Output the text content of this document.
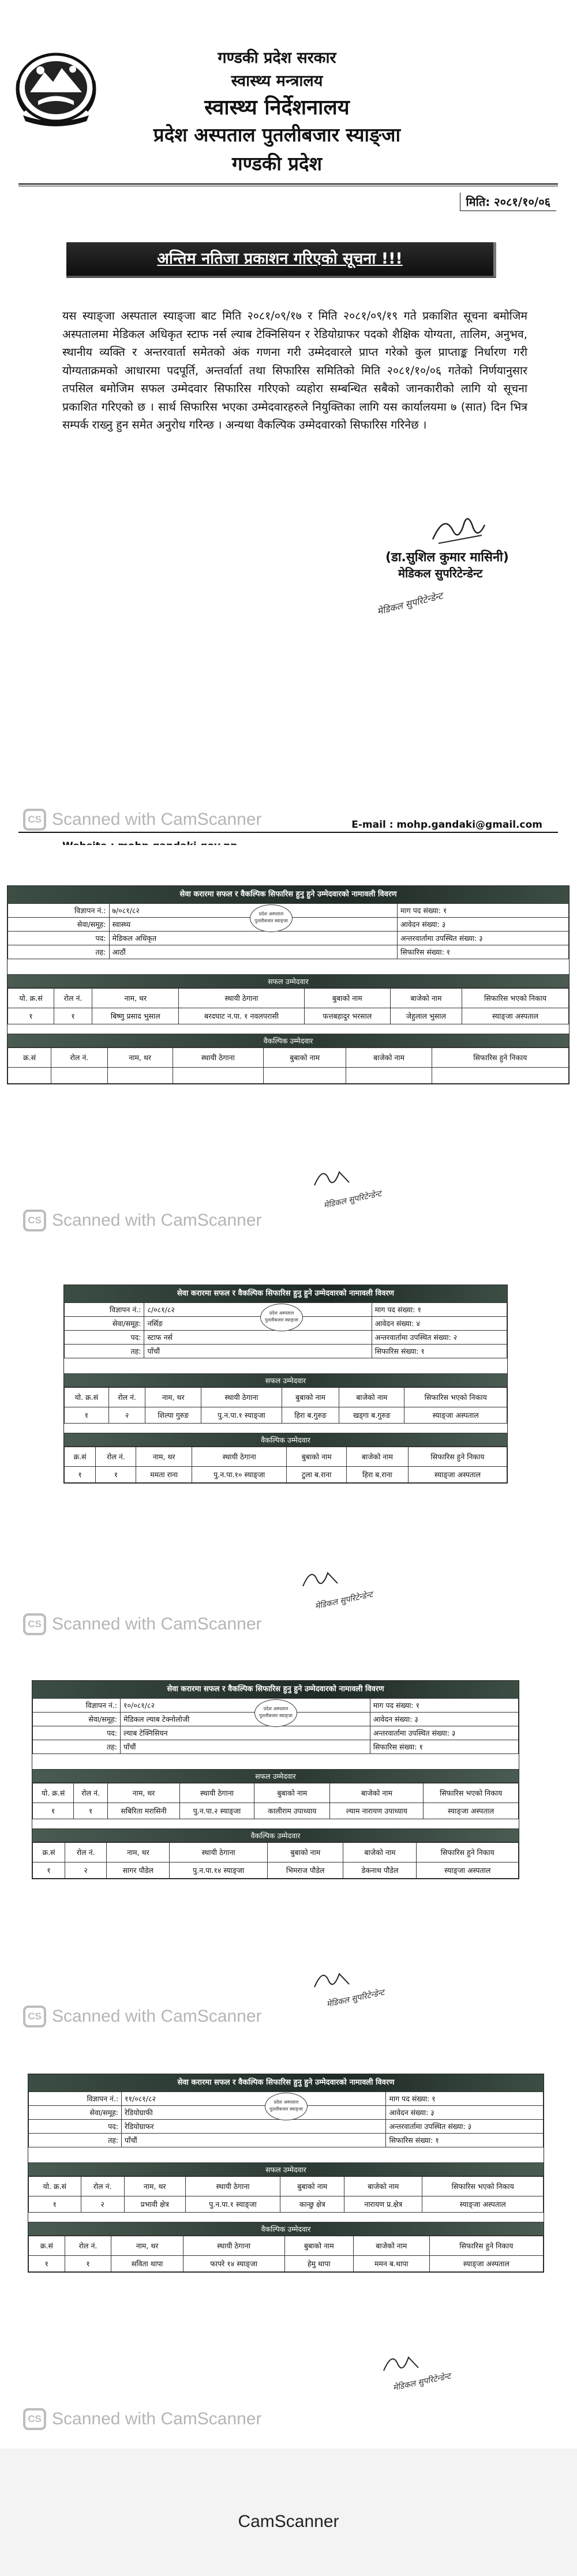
गण्डकी प्रदेश सरकार
स्वास्थ्य मन्त्रालय
स्वास्थ्य निर्देशनालय
प्रदेश अस्पताल पुतलीबजार स्याङ्जा
गण्डकी प्रदेश
मिति: २०८१/१०/०६
अन्तिम नतिजा प्रकाशन गरिएको सूचना !!!
यस स्याङ्जा अस्पताल स्याङ्जा बाट मिति २०८१/०९/१७ र मिति २०८१/०९/१९ गते प्रकाशित सूचना बमोजिम अस्पतालमा मेडिकल अधिकृत स्टाफ नर्स ल्याब टेक्निसियन र रेडियोग्राफर पदको शैक्षिक योग्यता, तालिम, अनुभव, स्थानीय व्यक्ति र अन्तरवार्ता समेतको अंक गणना गरी उम्मेदवारले प्राप्त गरेको कुल प्राप्ताङ्क निर्धारण गरी योग्यताक्रमको आधारमा पदपूर्ति, अन्तर्वार्ता तथा सिफारिस समितिको मिति २०८१/१०/०६ गतेको निर्णयानुसार तपसिल बमोजिम सफल उम्मेदवार सिफारिस गरिएको व्यहोरा सम्बन्धित सबैको जानकारीको लागि यो सूचना प्रकाशित गरिएको छ । सार्थ सिफारिस भएका उम्मेदवारहरुले नियुक्तिका लागि यस कार्यालयमा ७ (सात) दिन भित्र सम्पर्क राख्नु हुन समेत अनुरोध गरिन्छ । अन्यथा वैकल्पिक उम्मेदवारको सिफारिस गरिनेछ ।
(डा.सुशिल कुमार मासिनी)
मेडिकल सुपरिटेन्डेन्ट
मेडिकल सुपरिटेन्डेन्ट
CS Scanned with CamScanner	E-mail : mohp.gandaki@gmail.com
सेवा करारमा सफल र वैकल्पिक सिफारिस हुनु हुने उम्मेदवारको नामावली विवरण
प्रदेश अस्पताल पुतलीबजार स्याङ्जा
विज्ञापन नं.:	७/०८१/८२	माग पद संख्या: १
सेवा/समूह:	स्वास्थ्य	आवेदन संख्या: ३
पद:	मेडिकल अधिकृत	अन्तरवार्तामा उपस्थित संख्या: ३
तह:	आठौं	सिफारिस संख्या: १
सफल उम्मेदवार
यो. क्र.सं	रोल नं.	नाम, थर	स्थायी ठेगाना	बुबाको नाम	बाजेको नाम	सिफारिस भएको निकाय
१	१	बिष्णु प्रसाद भुसाल	बरदघाट न.पा. १ नवलपरासी	फत्तबहादुर भरसाल	जेहुलाल भुसाल	स्याङ्जा अस्पताल
वैकल्पिक उम्मेदवार
क्र.सं	रोल नं.	नाम, थर	स्थायी ठेगाना	बुबाको नाम	बाजेको नाम	सिफारिस हुने निकाय

मेडिकल सुपरिटेन्डेन्ट
CS Scanned with CamScanner
सेवा करारमा सफल र वैकल्पिक सिफारिस हुनु हुने उम्मेदवारको नामावली विवरण
प्रदेश अस्पताल पुतलीबजार स्याङ्जा
विज्ञापन नं.:	८/०८१/८२	माग पद संख्या: १
सेवा/समूह:	नर्सिङ	आवेदन संख्या: ४
पद:	स्टाफ नर्स	अन्तरवार्तामा उपस्थित संख्या: २
तह:	पाँचौं	सिफारिस संख्या: १
सफल उम्मेदवार
यो. क्र.सं	रोल नं.	नाम, थर	स्थायी ठेगाना	बुबाको नाम	बाजेको नाम	सिफारिस भएको निकाय
१	२	शिल्पा गुरुङ	पु.न.पा.१ स्याङ्जा	हिरा ब.गुरुङ	खड्गा ब.गुरुङ	स्याङ्जा अस्पताल
वैकल्पिक उम्मेदवार
क्र.सं	रोल नं.	नाम, थर	स्थायी ठेगाना	बुबाको नाम	बाजेको नाम	सिफारिस हुने निकाय
१	१	ममता राना	पु.न.पा.१० स्याङ्जा	टुला ब.राना	हिरा ब.राना	स्याङ्जा अस्पताल
मेडिकल सुपरिटेन्डेन्ट
CS Scanned with CamScanner
सेवा करारमा सफल र वैकल्पिक सिफारिस हुनु हुने उम्मेदवारको नामावली विवरण
प्रदेश अस्पताल पुतलीबजार स्याङ्जा
विज्ञापन नं.:	१०/०८१/८२	माग पद संख्या: १
सेवा/समूह:	मेडिकल ल्याब टेक्नोलोजी	आवेदन संख्या: ३
पद:	ल्याब टेक्निसियन	अन्तरवार्तामा उपस्थित संख्या: ३
तह:	पाँचौं	सिफारिस संख्या: १
सफल उम्मेदवार
यो. क्र.सं	रोल नं.	नाम, थर	स्थायी ठेगाना	बुबाको नाम	बाजेको नाम	सिफारिस भएको निकाय
१	१	सबिरिता मरासिनी	पु.न.पा.२ स्याङ्जा	कालीराम उपाध्याय	ल्याम नारायण उपाध्याय	स्याङ्जा अस्पताल
वैकल्पिक उम्मेदवार
क्र.सं	रोल नं.	नाम, थर	स्थायी ठेगाना	बुबाको नाम	बाजेको नाम	सिफारिस हुने निकाय
१	२	सागर पौडेल	पु.न.पा.१४ स्याङ्जा	भिमराज पौडेल	डेकनाथ पौडेल	स्याङ्जा अस्पताल
मेडिकल सुपरिटेन्डेन्ट
CS Scanned with CamScanner
सेवा करारमा सफल र वैकल्पिक सिफारिस हुनु हुने उम्मेदवारको नामावली विवरण
प्रदेश अस्पताल पुतलीबजार स्याङ्जा
विज्ञापन नं.:	११/०८१/८२	माग पद संख्या: १
सेवा/समूह:	रेडियोग्राफी	आवेदन संख्या: ३
पद:	रेडियोग्राफर	अन्तरवार्तामा उपस्थित संख्या: ३
तह:	पाँचौं	सिफारिस संख्या: १
सफल उम्मेदवार
यो. क्र.सं	रोल नं.	नाम, थर	स्थायी ठेगाना	बुबाको नाम	बाजेको नाम	सिफारिस भएको निकाय
१	२	प्रभावी क्षेत्र	पु.न.पा.१ स्याङ्जा	कान्छु क्षेत्र	नारायण प्र.क्षेत्र	स्याङ्जा अस्पताल
वैकल्पिक उम्मेदवार
क्र.सं	रोल नं.	नाम, थर	स्थायी ठेगाना	बुबाको नाम	बाजेको नाम	सिफारिस हुने निकाय
१	१	सविता थापा	फापरे १४ स्याङ्जा	हेमु थापा	ममन ब.थापा	स्याङ्जा अस्पताल
मेडिकल सुपरिटेन्डेन्ट
CS Scanned with CamScanner
CamScanner
